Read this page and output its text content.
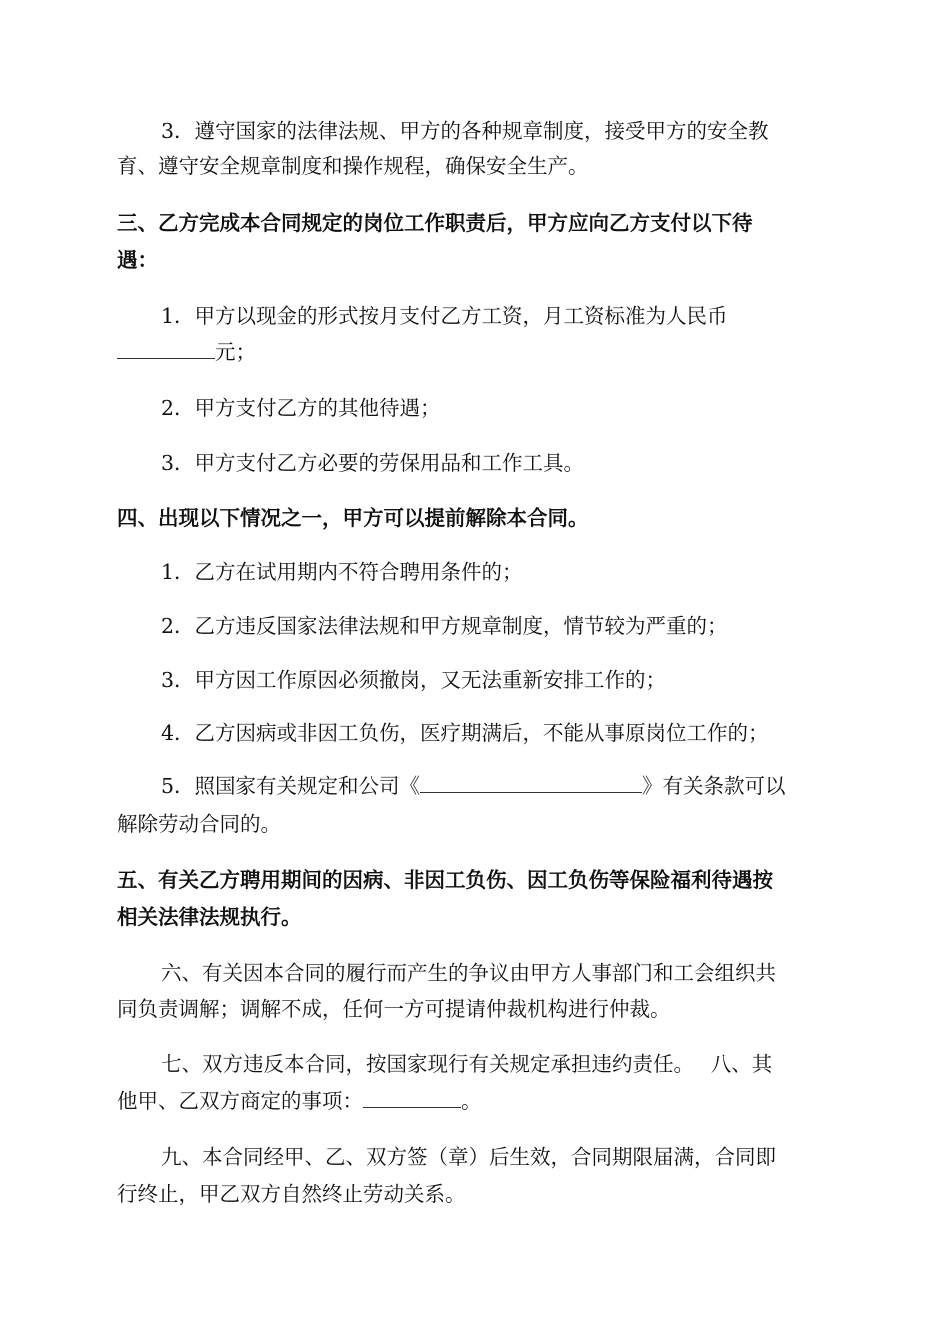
3．遵守国家的法律法规、甲方的各种规章制度，接受甲方的安全教
育、遵守安全规章制度和操作规程，确保安全生产。
三、乙方完成本合同规定的岗位工作职责后，甲方应向乙方支付以下待
遇：
1．甲方以现金的形式按月支付乙方工资，月工资标准为人民币
元；
2．甲方支付乙方的其他待遇；
3．甲方支付乙方必要的劳保用品和工作工具。
四、出现以下情况之一，甲方可以提前解除本合同。
1．乙方在试用期内不符合聘用条件的；
2．乙方违反国家法律法规和甲方规章制度，情节较为严重的；
3．甲方因工作原因必须撤岗，又无法重新安排工作的；
4．乙方因病或非因工负伤，医疗期满后，不能从事原岗位工作的；
5．照国家有关规定和公司《	》有关条款可以
解除劳动合同的。
五、有关乙方聘用期间的因病、非因工负伤、因工负伤等保险福利待遇按
相关法律法规执行。
六、有关因本合同的履行而产生的争议由甲方人事部门和工会组织共
同负责调解；调解不成，任何一方可提请仲裁机构进行仲裁。
七、双方违反本合同，按国家现行有关规定承担违约责任。　 八、其
他甲、乙双方商定的事项：	。
九、本合同经甲、乙、双方签（章）后生效，合同期限届满，合同即
行终止，甲乙双方自然终止劳动关系。
